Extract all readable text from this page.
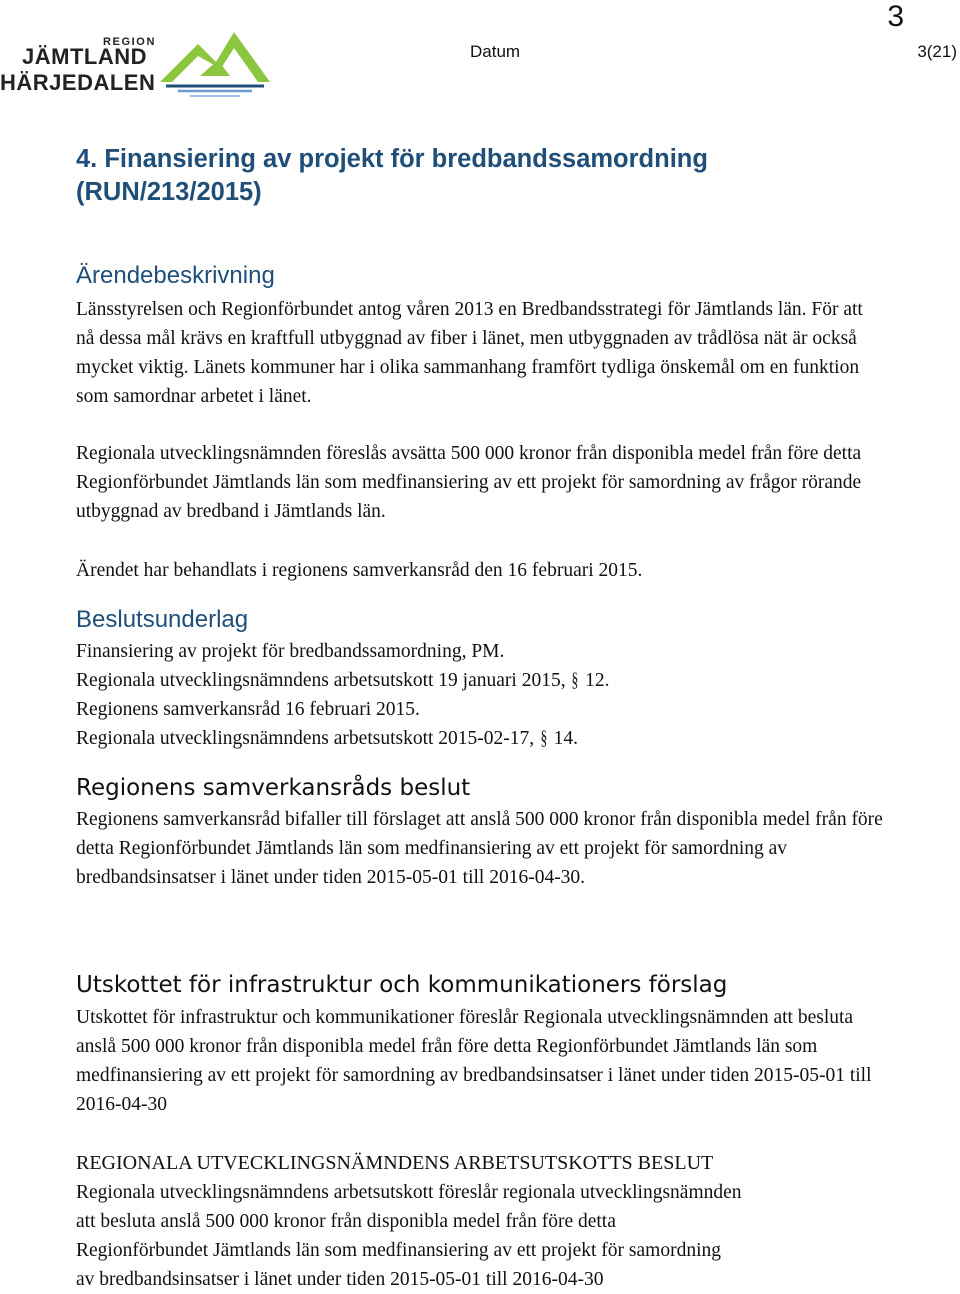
REGION
JÄMTLAND
HÄRJEDALEN
3
Datum	3(21)
4. Finansiering av projekt för bredbandssamordning
(RUN/213/2015)
Ärendebeskrivning

Länsstyrelsen och Regionförbundet antog våren 2013 en Bredbandsstrategi för Jämtlands län. För att nå dessa mål krävs en kraftfull utbyggnad av fiber i länet, men utbyggnaden av trådlösa nät är också mycket viktig. Länets kommuner har i olika sammanhang framfört tydliga önskemål om en funktion som samordnar arbetet i länet.

Regionala utvecklingsnämnden föreslås avsätta 500 000 kronor från disponibla medel från före detta Regionförbundet Jämtlands län som medfinansiering av ett projekt för samordning av frågor rörande utbyggnad av bredband i Jämtlands län.

Ärendet har behandlats i regionens samverkansråd den 16 februari 2015.

Beslutsunderlag

Finansiering av projekt för bredbandssamordning, PM.

Regionala utvecklingsnämndens arbetsutskott 19 januari 2015, § 12.

Regionens samverkansråd 16 februari 2015.

Regionala utvecklingsnämndens arbetsutskott 2015-02-17, § 14.

Regionens samverkansråds beslut

Regionens samverkansråd bifaller till förslaget att anslå 500 000 kronor från disponibla medel från före detta Regionförbundet Jämtlands län som medfinansiering av ett projekt för samordning av bredbandsinsatser i länet under tiden 2015-05-01 till 2016-04-30.

Utskottet för infrastruktur och kommunikationers förslag

Utskottet för infrastruktur och kommunikationer föreslår Regionala utvecklingsnämnden att besluta anslå 500 000 kronor från disponibla medel från före detta Regionförbundet Jämtlands län som medfinansiering av ett projekt för samordning av bredbandsinsatser i länet under tiden 2015-05-01 till 2016-04-30

REGIONALA UTVECKLINGSNÄMNDENS ARBETSUTSKOTTS BESLUT

Regionala utvecklingsnämndens arbetsutskott föreslår regionala utvecklingsnämnden

att besluta anslå 500 000 kronor från disponibla medel från före detta

Regionförbundet Jämtlands län som medfinansiering av ett projekt för samordning

av bredbandsinsatser i länet under tiden 2015-05-01 till 2016-04-30
